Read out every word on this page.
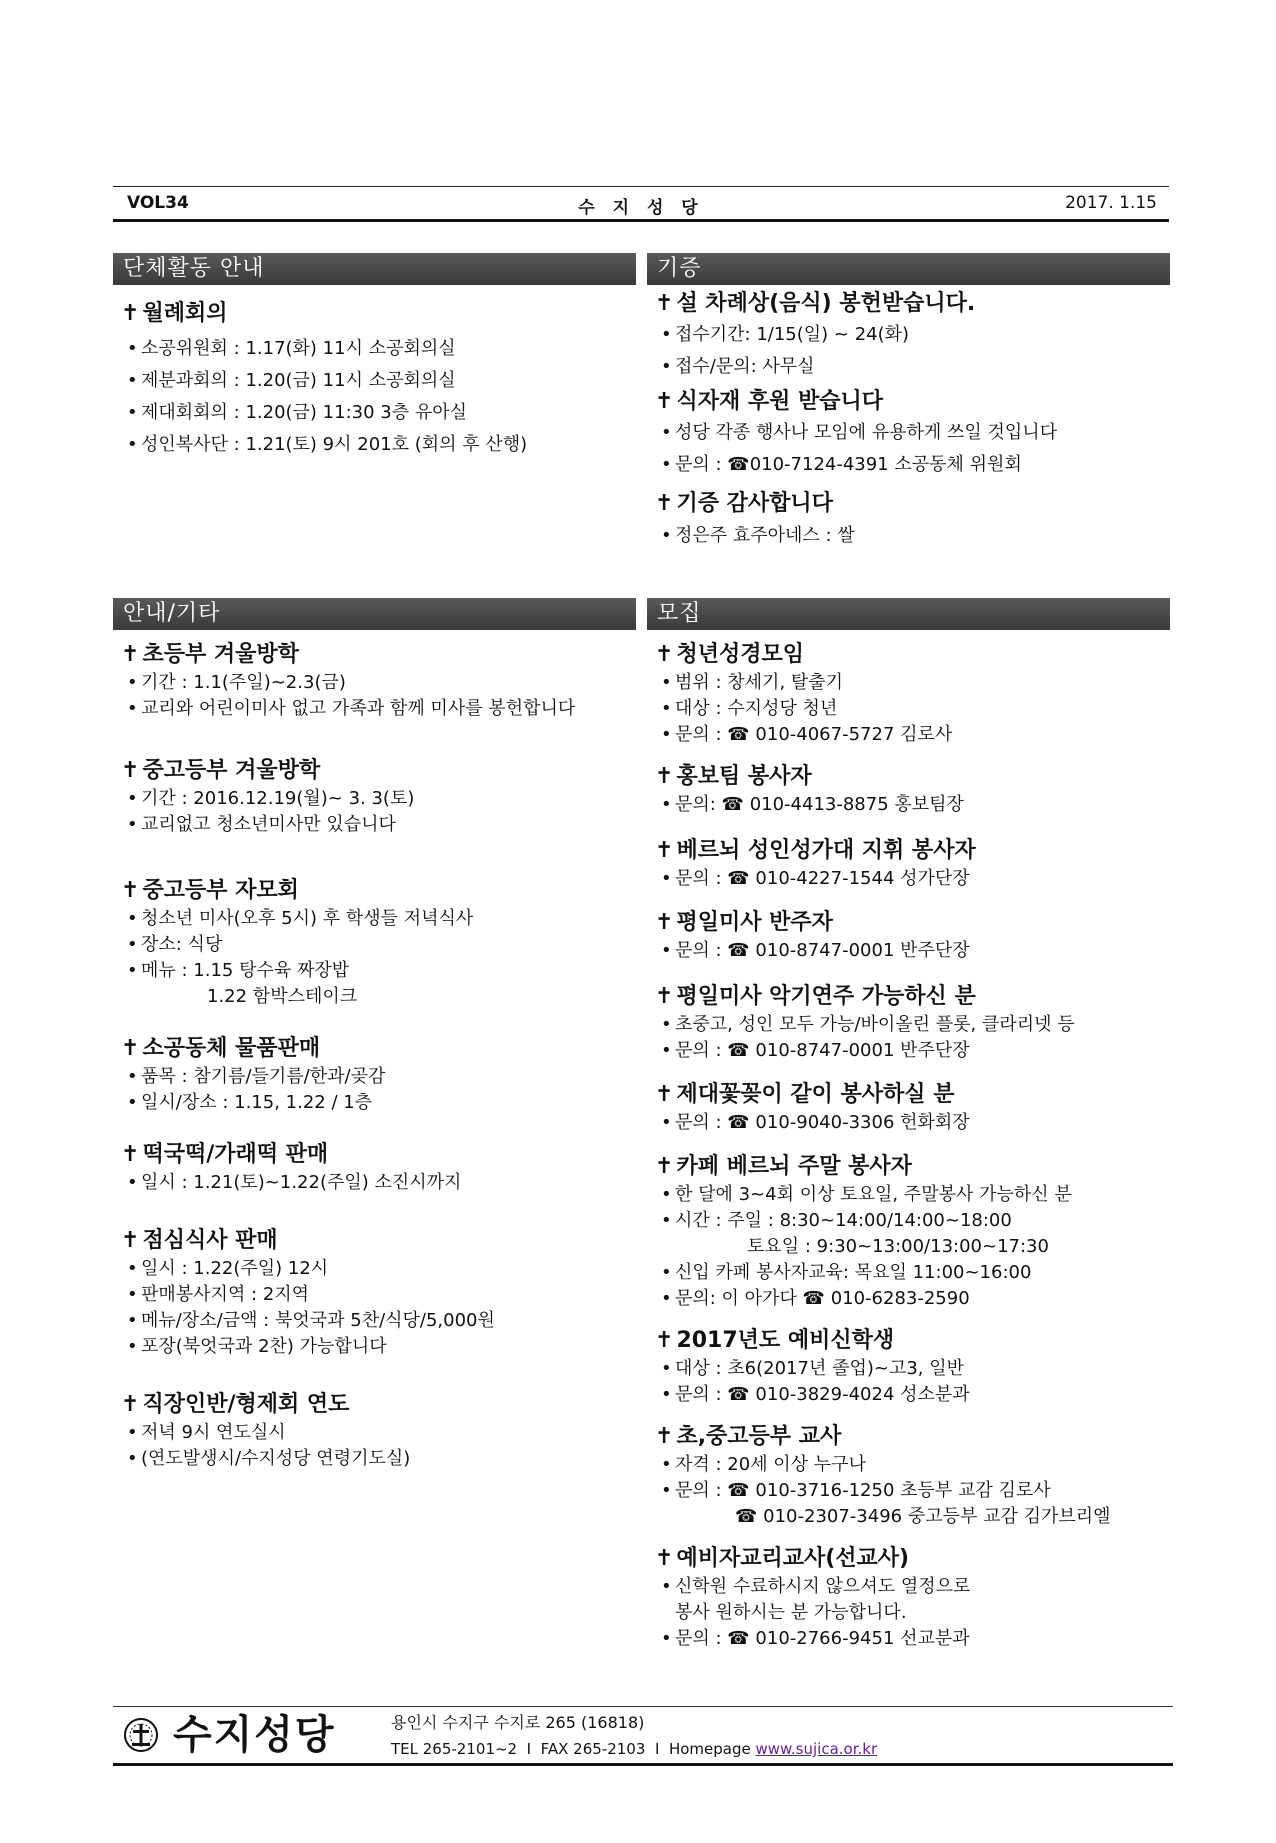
VOL34	수 지 성 당	2017. 1.15
단체활동 안내
✝ 월례회의
• 소공위원회 : 1.17(화) 11시 소공회의실
• 제분과회의 : 1.20(금) 11시 소공회의실
• 제대회회의 : 1.20(금) 11:30 3층 유아실
• 성인복사단 : 1.21(토) 9시 201호 (회의 후 산행)
기증
✝ 설 차례상(음식) 봉헌받습니다.
• 접수기간: 1/15(일) ~ 24(화)
• 접수/문의: 사무실
✝ 식자재 후원 받습니다
• 성당 각종 행사나 모임에 유용하게 쓰일 것입니다
• 문의 : ☎010-7124-4391 소공동체 위원회
✝ 기증 감사합니다
• 정은주 효주아네스 : 쌀
안내/기타
✝ 초등부 겨울방학
• 기간 : 1.1(주일)~2.3(금)
• 교리와 어린이미사 없고 가족과 함께 미사를 봉헌합니다
✝ 중고등부 겨울방학
• 기간 : 2016.12.19(월)~ 3. 3(토)
• 교리없고 청소년미사만 있습니다
✝ 중고등부 자모회
• 청소년 미사(오후 5시) 후 학생들 저녁식사
• 장소: 식당
• 메뉴 : 1.15 탕수육 짜장밥
1.22 함박스테이크
✝ 소공동체 물품판매
• 품목 : 참기름/들기름/한과/곶감
• 일시/장소 : 1.15, 1.22 / 1층
✝ 떡국떡/가래떡 판매
• 일시 : 1.21(토)~1.22(주일) 소진시까지
✝ 점심식사 판매
• 일시 : 1.22(주일) 12시
• 판매봉사지역 : 2지역
• 메뉴/장소/금액 : 북엇국과 5찬/식당/5,000원
• 포장(북엇국과 2찬) 가능합니다
✝ 직장인반/형제회 연도
• 저녁 9시 연도실시
• (연도발생시/수지성당 연령기도실)
모집
✝ 청년성경모임
• 범위 : 창세기, 탈출기
• 대상 : 수지성당 청년
• 문의 : ☎ 010-4067-5727 김로사
✝ 홍보팀 봉사자
• 문의: ☎ 010-4413-8875 홍보팀장
✝ 베르뇌 성인성가대 지휘 봉사자
• 문의 : ☎ 010-4227-1544 성가단장
✝ 평일미사 반주자
• 문의 : ☎ 010-8747-0001 반주단장
✝ 평일미사 악기연주 가능하신 분
• 초중고, 성인 모두 가능/바이올린 플롯, 클라리넷 등
• 문의 : ☎ 010-8747-0001 반주단장
✝ 제대꽃꽂이 같이 봉사하실 분
• 문의 : ☎ 010-9040-3306 헌화회장
✝ 카페 베르뇌 주말 봉사자
• 한 달에 3~4회 이상 토요일, 주말봉사 가능하신 분
• 시간 : 주일 : 8:30~14:00/14:00~18:00
토요일 : 9:30~13:00/13:00~17:30
• 신입 카페 봉사자교육: 목요일 11:00~16:00
• 문의: 이 아가다 ☎ 010-6283-2590
✝ 2017년도 예비신학생
• 대상 : 초6(2017년 졸업)~고3, 일반
• 문의 : ☎ 010-3829-4024 성소분과
✝ 초,중고등부 교사
• 자격 : 20세 이상 누구나
• 문의 : ☎ 010-3716-1250 초등부 교감 김로사
☎ 010-2307-3496 중고등부 교감 김가브리엘
✝ 예비자교리교사(선교사)
• 신학원 수료하시지 않으셔도 열정으로
봉사 원하시는 분 가능합니다.
• 문의 : ☎ 010-2766-9451 선교분과
수지성당	용인시 수지구 수지로 265 (16818)
TEL 265-2101~2 I FAX 265-2103 I Homepage www.sujica.or.kr
